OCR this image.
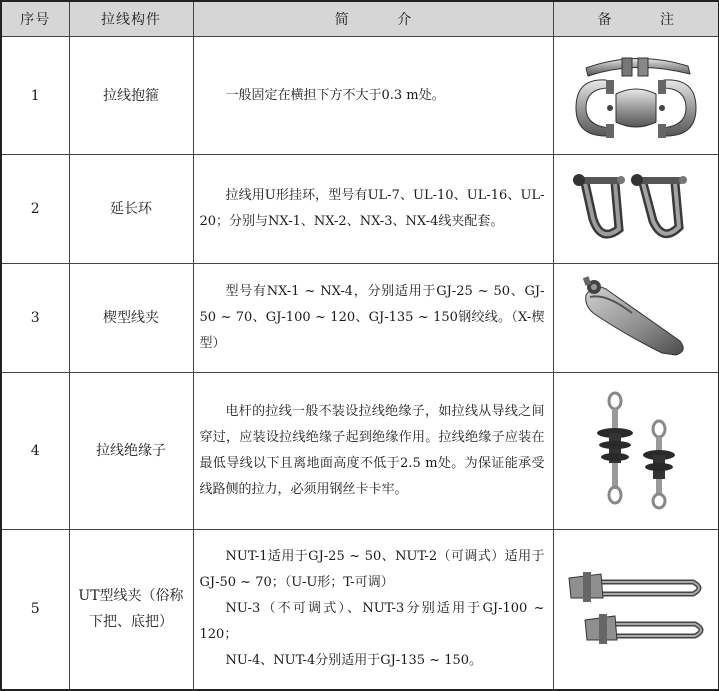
序号	拉线构件	简 介	备 注
1	拉线抱箍	一般固定在横担下方不大于0.3 m处。

2	延长环	拉线用U形挂环，型号有UL-7、UL-10、UL-16、UL-20；分别与NX-1、NX-2、NX-3、NX-4线夹配套。

3	楔型线夹	型号有NX-1 ~ NX-4，分别适用于GJ-25 ~ 50、GJ-50 ~ 70、GJ-100 ~ 120、GJ-135 ~ 150钢绞线。（X-楔型）

4	拉线绝缘子	电杆的拉线一般不装设拉线绝缘子，如拉线从导线之间穿过，应装设拉线绝缘子起到绝缘作用。拉线绝缘子应装在最低导线以下且离地面高度不低于2.5 m处。为保证能承受线路侧的拉力，必须用钢丝卡卡牢。

5	UT型线夹（俗称下把、底把）	NUT-1适用于GJ-25 ~ 50、NUT-2（可调式）适用于GJ-50 ~ 70；（U-U形；T-可调）

NU-3（不可调式）、NUT-3分别适用于GJ-100 ~ 120；

NU-4、NUT-4分别适用于GJ-135 ~ 150。
